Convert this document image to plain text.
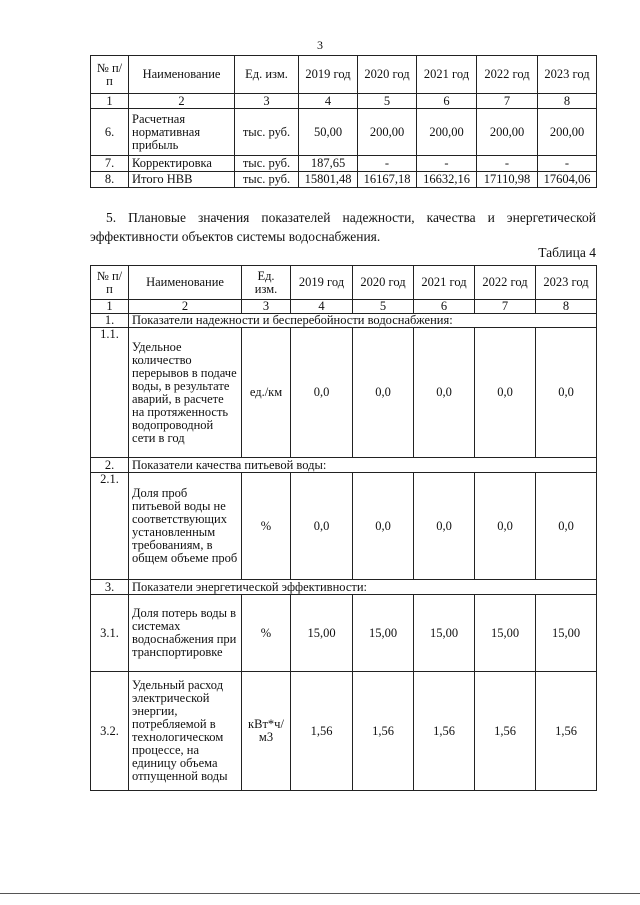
3
№ п/п	Наименование	Ед. изм.	2019 год	2020 год	2021 год	2022 год	2023 год
1	2	3	4	5	6	7	8
6.	Расчетная нормативная прибыль	тыс. руб.	50,00	200,00	200,00	200,00	200,00
7.	Корректировка	тыс. руб.	187,65	-	-	-	-
8.	Итого НВВ	тыс. руб.	15801,48	16167,18	16632,16	17110,98	17604,06
5. Плановые значения показателей надежности, качества и энергетической эффективности объектов системы водоснабжения.
Таблица 4
№ п/п	Наименование	Ед. изм.	2019 год	2020 год	2021 год	2022 год	2023 год
1	2	3	4	5	6	7	8
1.	Показатели надежности и бесперебойности водоснабжения:						
1.1.	Удельное количество перерывов в подаче воды, в результате аварий, в расчете на протяженность водопроводной сети в год	ед./км	0,0	0,0	0,0	0,0	0,0
2.	Показатели качества питьевой воды:						
2.1.	Доля проб питьевой воды не соответствующих установленным требованиям, в общем объеме проб	%	0,0	0,0	0,0	0,0	0,0
3.	Показатели энергетической эффективности:						
3.1.	Доля потерь воды в системах водоснабжения при транспортировке	%	15,00	15,00	15,00	15,00	15,00
3.2.	Удельный расход электрической энергии, потребляемой в технологическом процессе, на единицу объема отпущенной воды	кВт*ч/м3	1,56	1,56	1,56	1,56	1,56
